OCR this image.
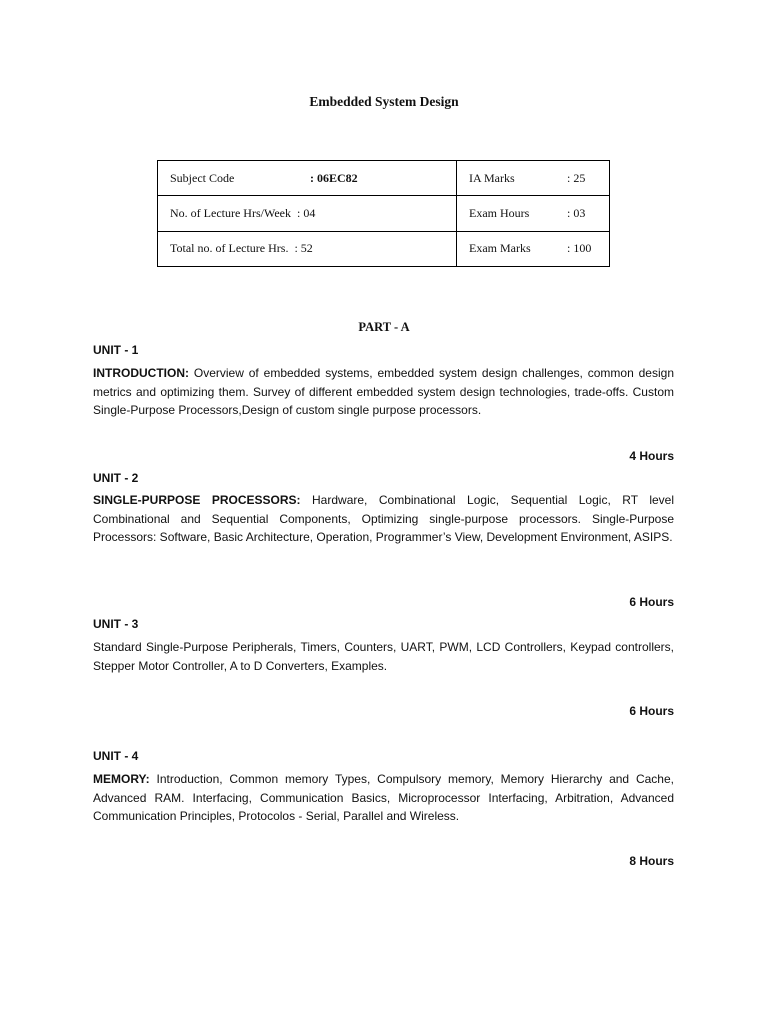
Embedded System Design
Subject Code : 06EC82	IA Marks : 25
No. of Lecture Hrs/Week : 04	Exam Hours : 03
Total no. of Lecture Hrs. : 52	Exam Marks : 100
PART - A
UNIT - 1
INTRODUCTION: Overview of embedded systems, embedded system design challenges, common design metrics and optimizing them. Survey of different embedded system design technologies, trade-offs. Custom Single-Purpose Processors,Design of custom single purpose processors.
4 Hours
UNIT - 2
SINGLE-PURPOSE PROCESSORS: Hardware, Combinational Logic, Sequential Logic, RT level Combinational and Sequential Components, Optimizing single-purpose processors. Single-Purpose Processors: Software, Basic Architecture, Operation, Programmer’s View, Development Environment, ASIPS.
6 Hours
UNIT - 3
Standard Single-Purpose Peripherals, Timers, Counters, UART, PWM, LCD Controllers, Keypad controllers, Stepper Motor Controller, A to D Converters, Examples.
6 Hours
UNIT - 4
MEMORY: Introduction, Common memory Types, Compulsory memory, Memory Hierarchy and Cache, Advanced RAM. Interfacing, Communication Basics, Microprocessor Interfacing, Arbitration, Advanced Communication Principles, Protocolos - Serial, Parallel and Wireless.
8 Hours
